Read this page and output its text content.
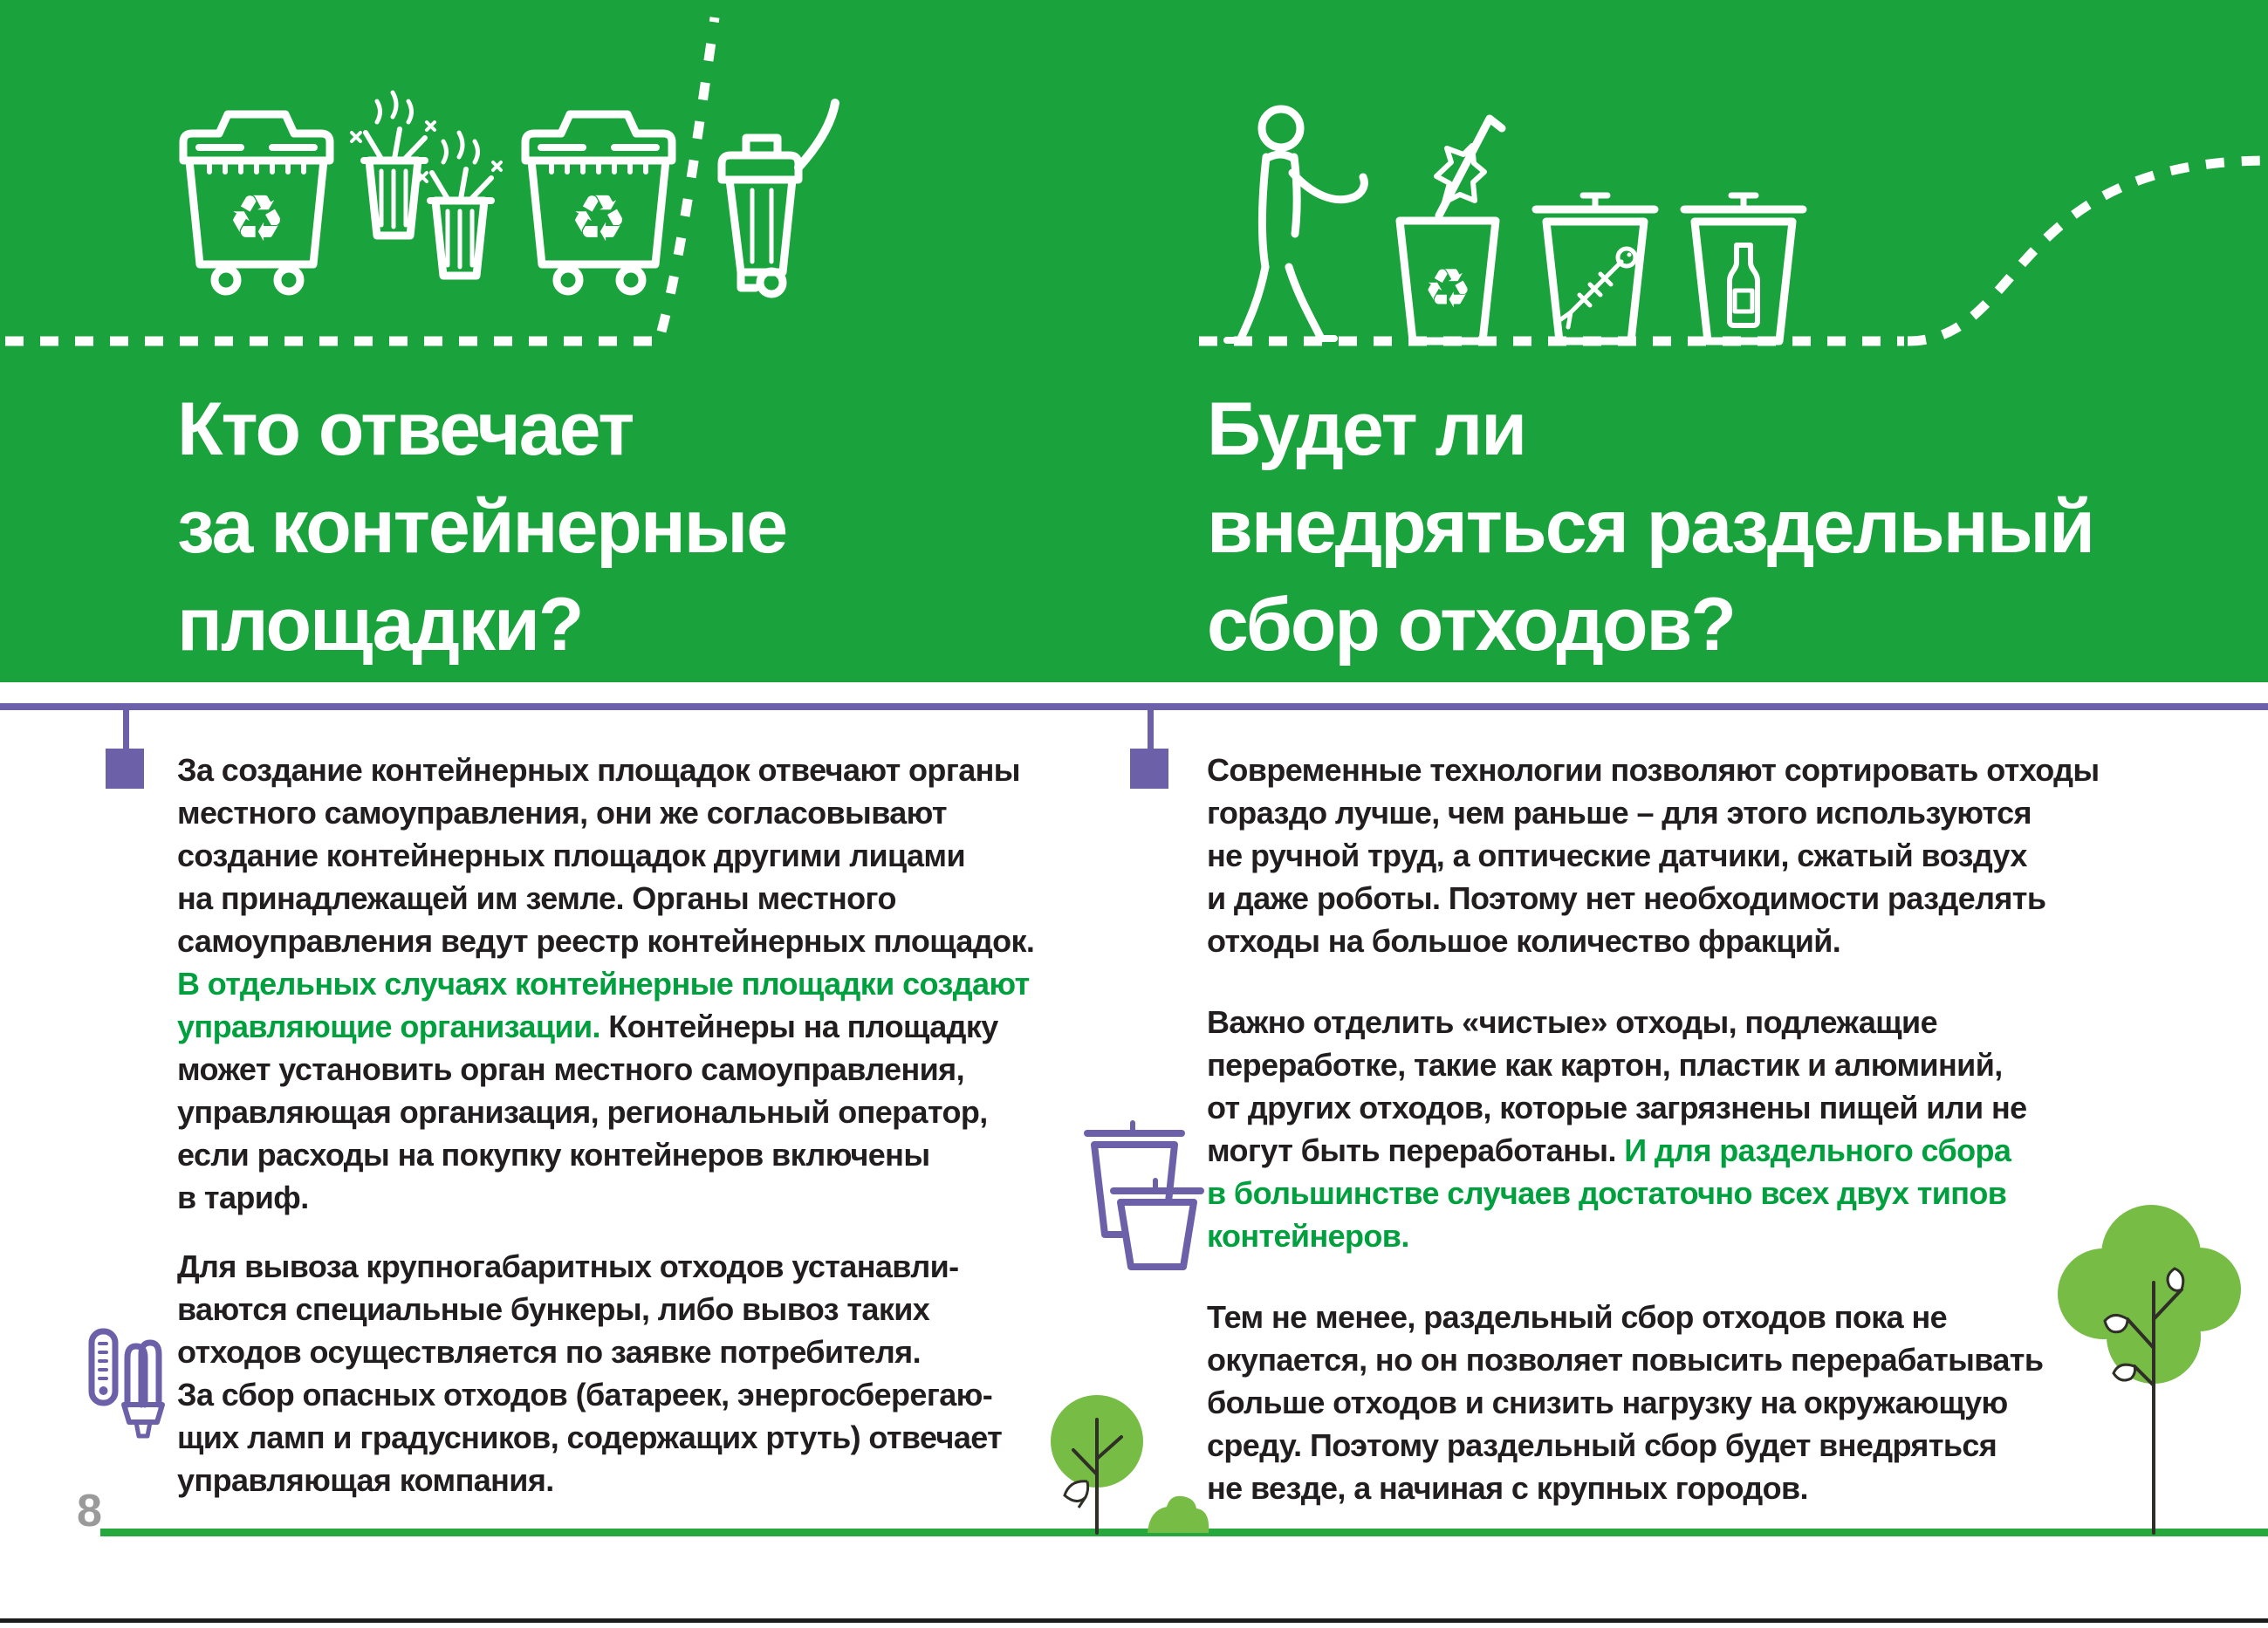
♻
♻
Кто отвечает
за контейнерные
площадки?
Будет ли
внедряться раздельный
сбор отходов?

За создание контейнерных площадок отвечают органы
местного самоуправления, они же согласовывают
создание контейнерных площадок другими лицами
на принадлежащей им земле. Органы местного
самоуправления ведут реестр контейнерных площадок.
В отдельных случаях контейнерные площадки создают
управляющие организации. Контейнеры на площадку
может установить орган местного самоуправления,
управляющая организация, региональный оператор,
если расходы на покупку контейнеров включены
в тариф.

Для вывоза крупногабаритных отходов устанавли-
ваются специальные бункеры, либо вывоз таких
отходов осуществляется по заявке потребителя.
За сбор опасных отходов (батареек, энергосберегаю-
щих ламп и градусников, содержащих ртуть) отвечает
управляющая компания.

Современные технологии позволяют сортировать отходы
гораздо лучше, чем раньше – для этого используются
не ручной труд, а оптические датчики, сжатый воздух
и даже роботы. Поэтому нет необходимости разделять
отходы на большое количество фракций.

Важно отделить «чистые» отходы, подлежащие
переработке, такие как картон, пластик и алюминий,
от других отходов, которые загрязнены пищей или не
могут быть переработаны. И для раздельного сбора
в большинстве случаев достаточно всех двух типов
контейнеров.

Тем не менее, раздельный сбор отходов пока не
окупается, но он позволяет повысить перерабатывать
больше отходов и снизить нагрузку на окружающую
среду. Поэтому раздельный сбор будет внедряться
не везде, а начиная с крупных городов.

8
